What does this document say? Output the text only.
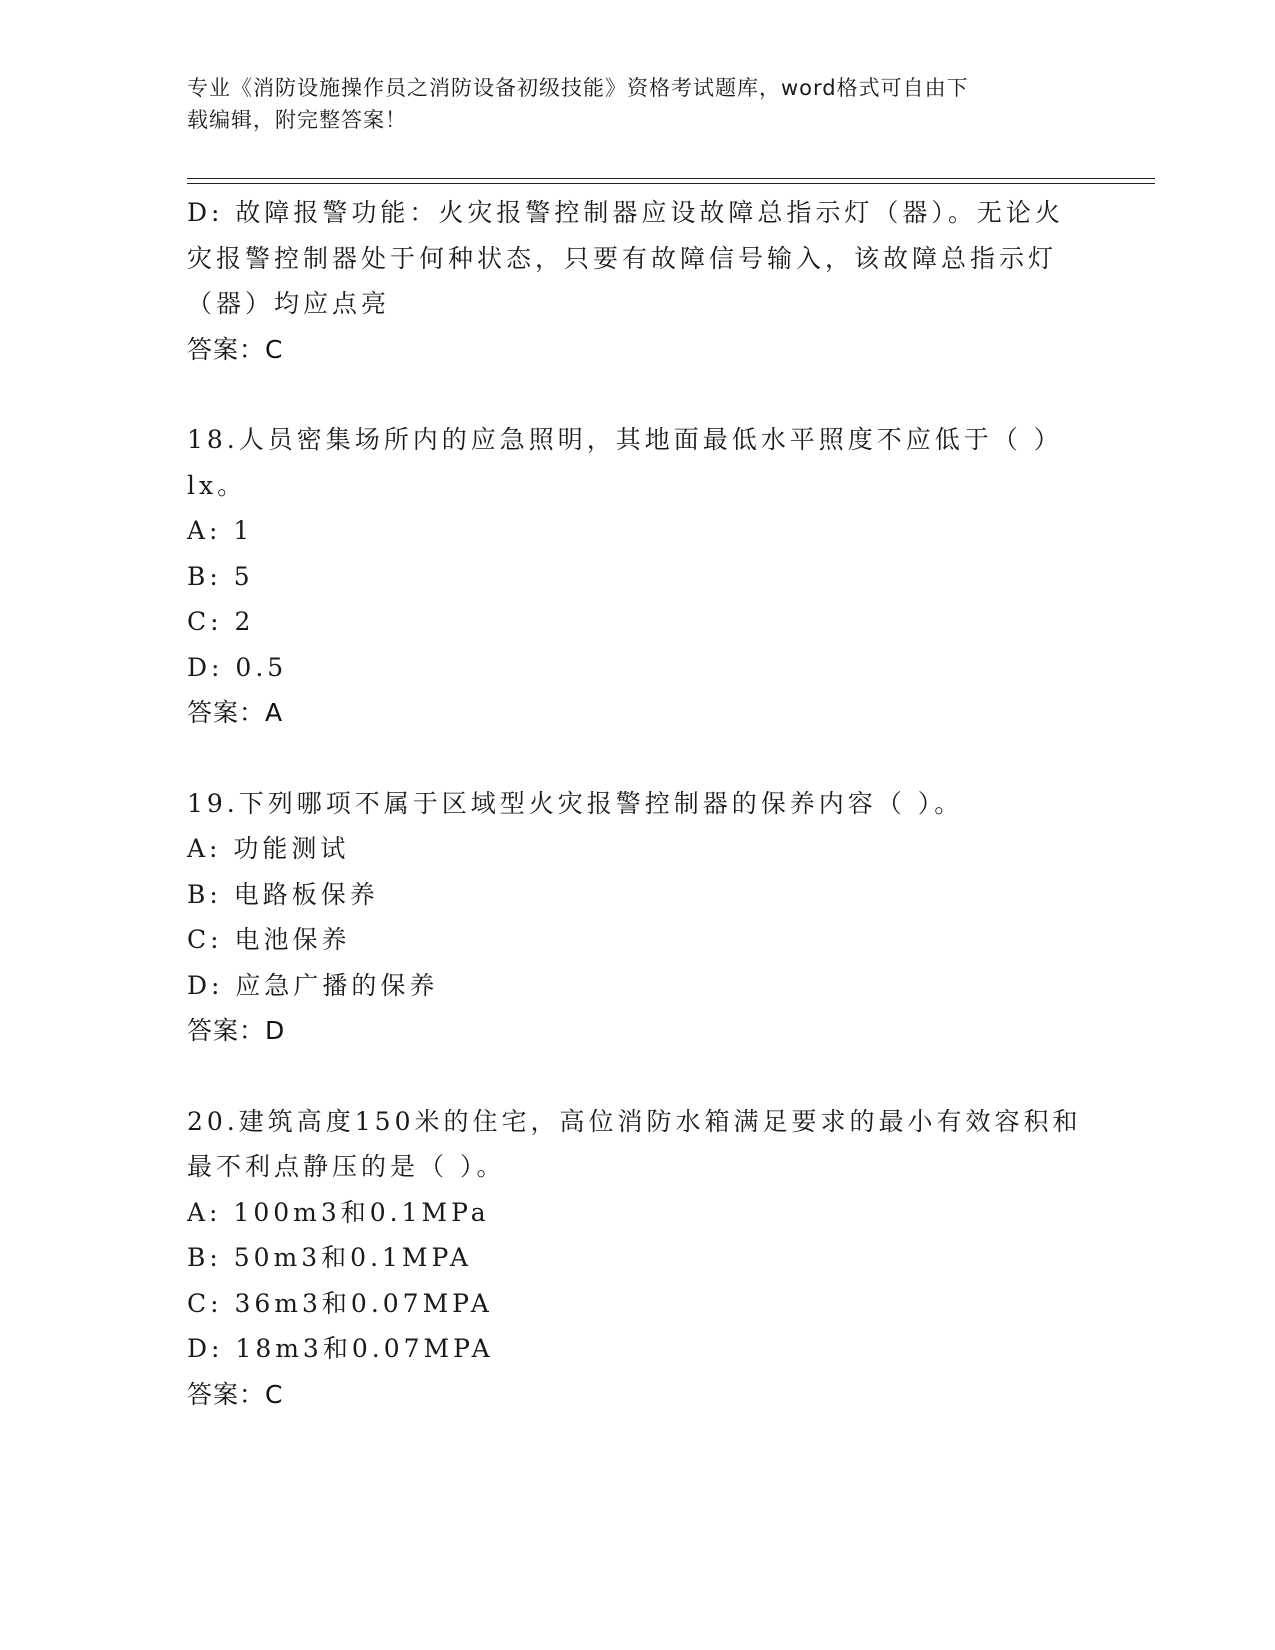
专业《消防设施操作员之消防设备初级技能》资格考试题库，word格式可自由下
载编辑，附完整答案！
D: 故障报警功能：火灾报警控制器应设故障总指示灯（器）。无论火
灾报警控制器处于何种状态，只要有故障信号输入，该故障总指示灯
（器）均应点亮
答案：C
18.人员密集场所内的应急照明，其地面最低水平照度不应低于（ ）
lx。
A: 1
B: 5
C: 2
D: 0.5
答案：A
19.下列哪项不属于区域型火灾报警控制器的保养内容（ ）。
A: 功能测试
B: 电路板保养
C: 电池保养
D: 应急广播的保养
答案：D
20.建筑高度150米的住宅，高位消防水箱满足要求的最小有效容积和
最不利点静压的是（ ）。
A: 100m3和0.1MPa
B: 50m3和0.1MPA
C: 36m3和0.07MPA
D: 18m3和0.07MPA
答案：C
